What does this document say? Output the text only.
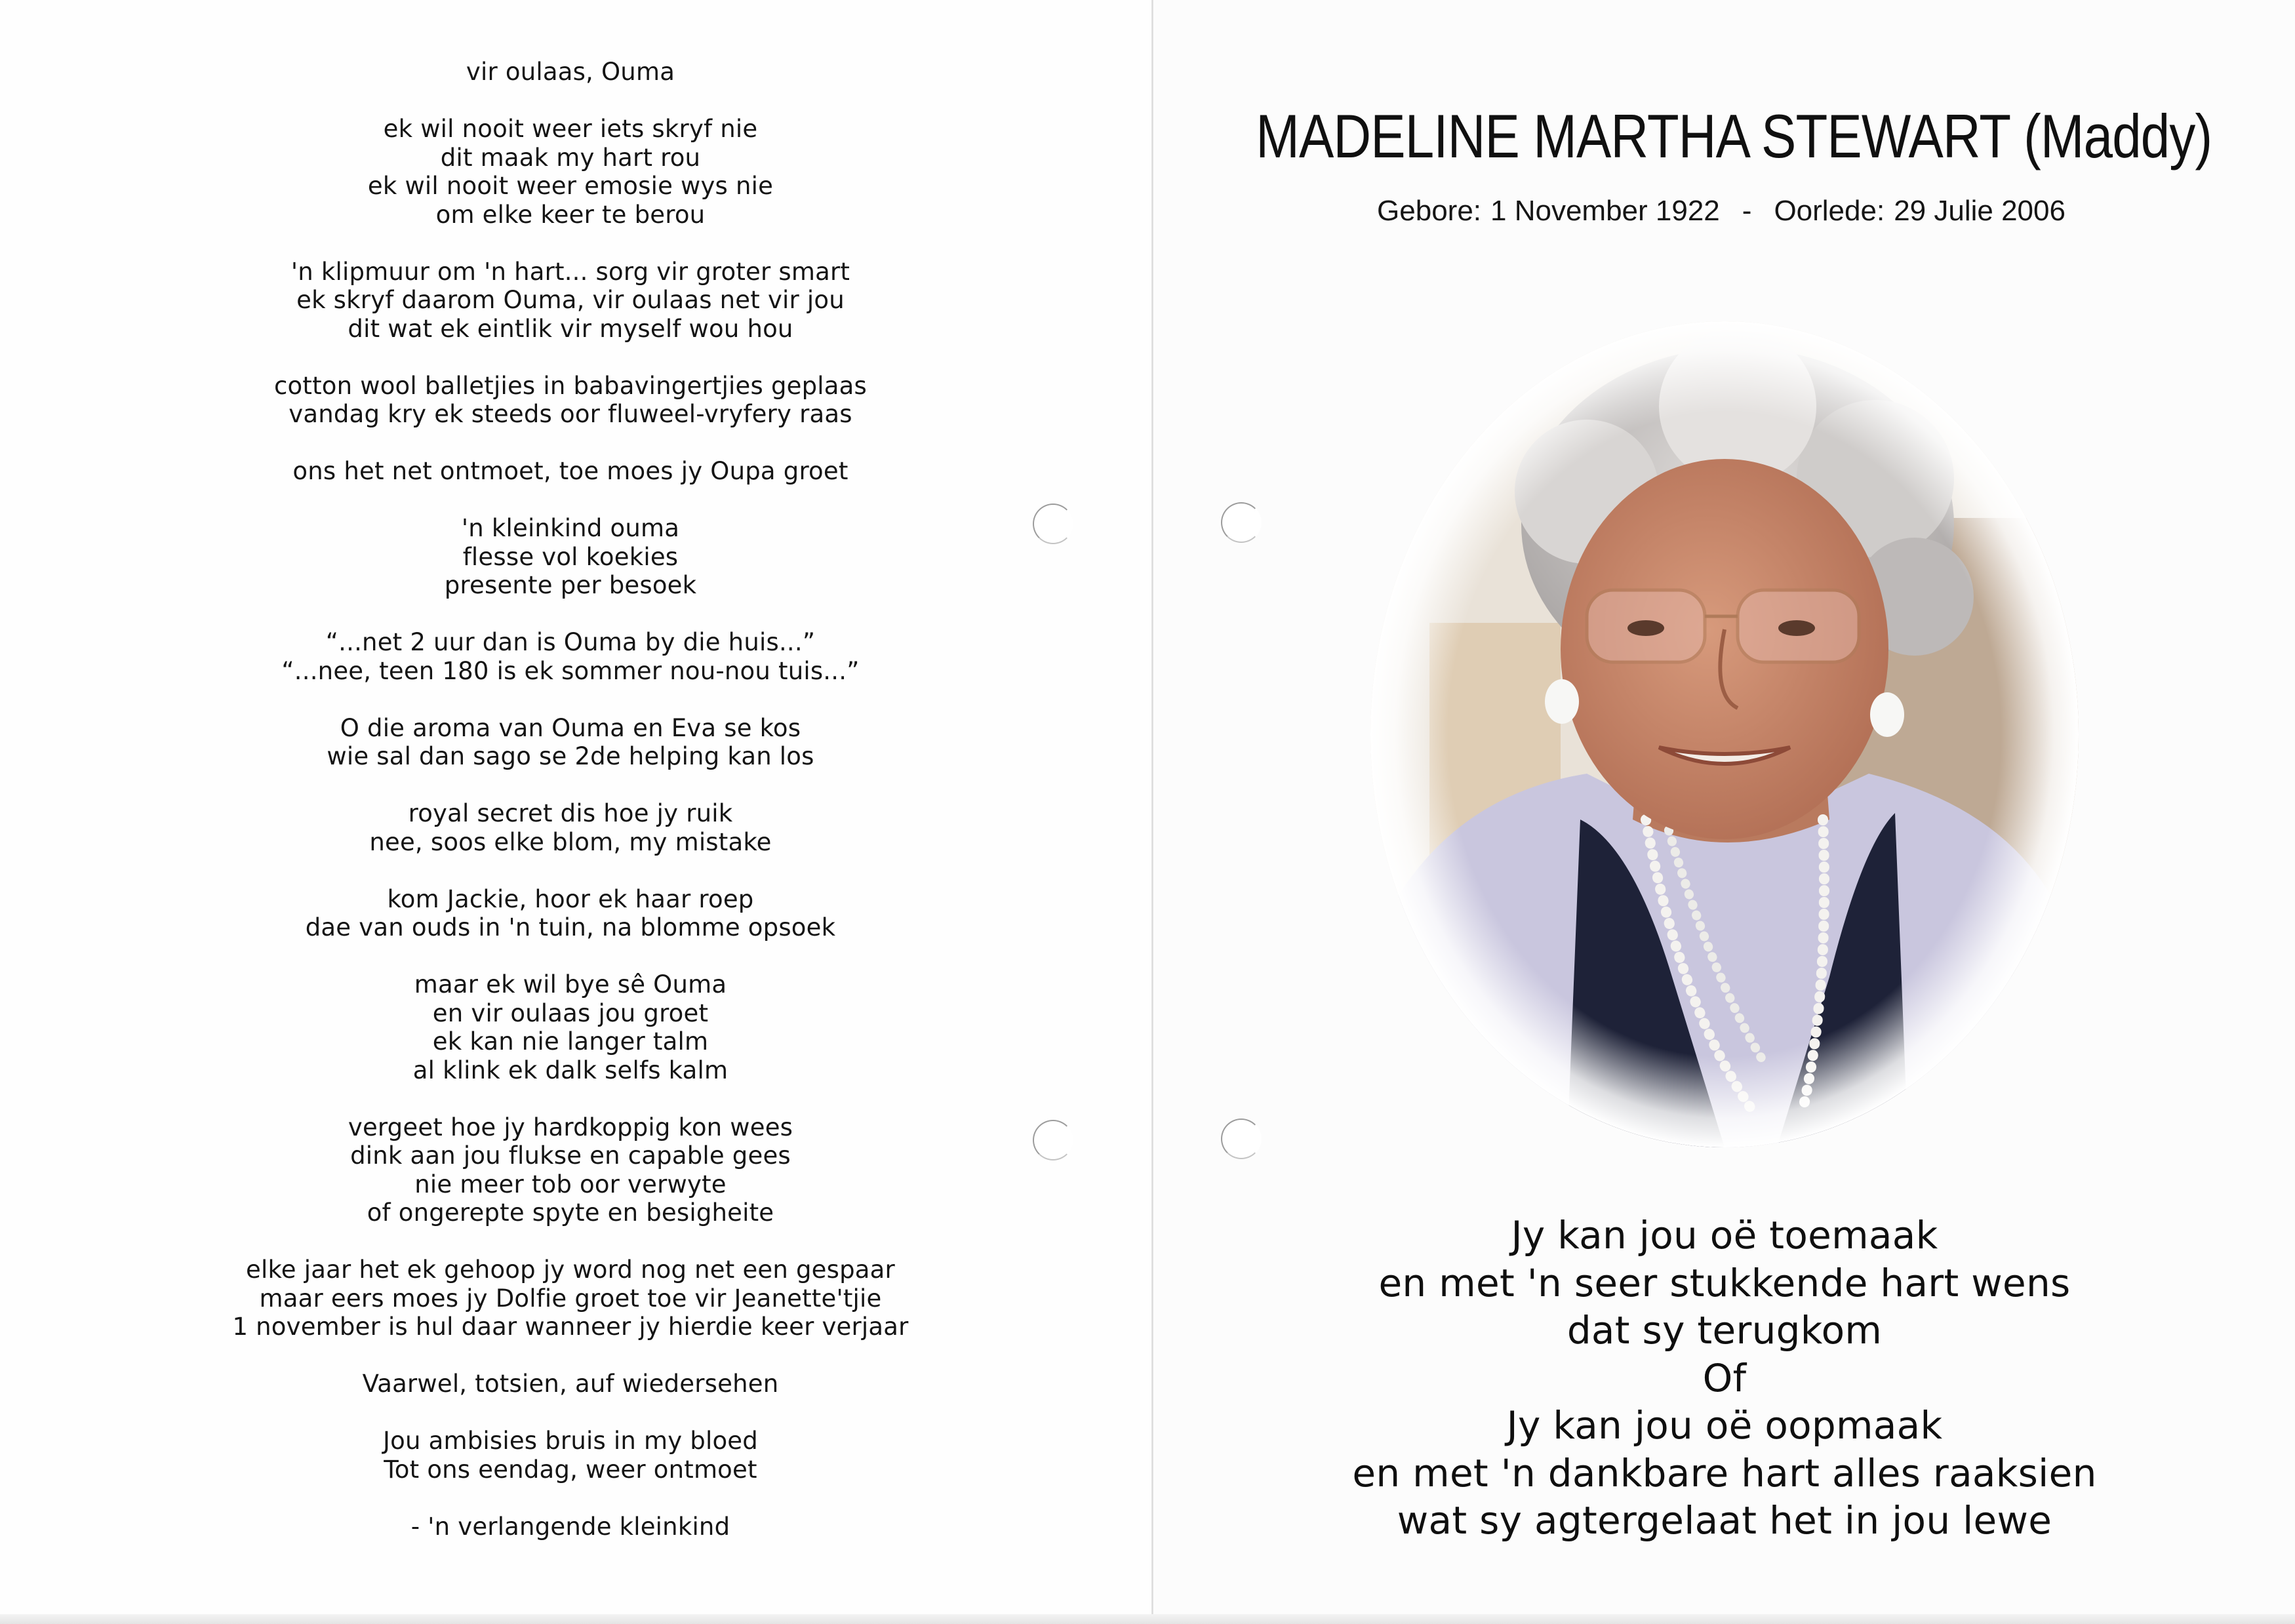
vir oulaas, Ouma
ek wil nooit weer iets skryf nie
dit maak my hart rou
ek wil nooit weer emosie wys nie
om elke keer te berou
'n klipmuur om 'n hart... sorg vir groter smart
ek skryf daarom Ouma, vir oulaas net vir jou
dit wat ek eintlik vir myself wou hou
cotton wool balletjies in babavingertjies geplaas
vandag kry ek steeds oor fluweel-vryfery raas
ons het net ontmoet, toe moes jy Oupa groet
'n kleinkind ouma
flesse vol koekies
presente per besoek
“...net 2 uur dan is Ouma by die huis...”
“...nee, teen 180 is ek sommer nou-nou tuis...”
O die aroma van Ouma en Eva se kos
wie sal dan sago se 2de helping kan los
royal secret dis hoe jy ruik
nee, soos elke blom, my mistake
kom Jackie, hoor ek haar roep
dae van ouds in 'n tuin, na blomme opsoek
maar ek wil bye sê Ouma
en vir oulaas jou groet
ek kan nie langer talm
al klink ek dalk selfs kalm
vergeet hoe jy hardkoppig kon wees
dink aan jou flukse en capable gees
nie meer tob oor verwyte
of ongerepte spyte en besigheite
elke jaar het ek gehoop jy word nog net een gespaar
maar eers moes jy Dolfie groet toe vir Jeanette'tjie
1 november is hul daar wanneer jy hierdie keer verjaar
Vaarwel, totsien, auf wiedersehen
Jou ambisies bruis in my bloed
Tot ons eendag, weer ontmoet
- 'n verlangende kleinkind
MADELINE MARTHA STEWART (Maddy)
Gebore: 1 November 1922 - Oorlede: 29 Julie 2006
Jy kan jou oë toemaak
en met 'n seer stukkende hart wens
dat sy terugkom
Of
Jy kan jou oë oopmaak
en met 'n dankbare hart alles raaksien
wat sy agtergelaat het in jou lewe
